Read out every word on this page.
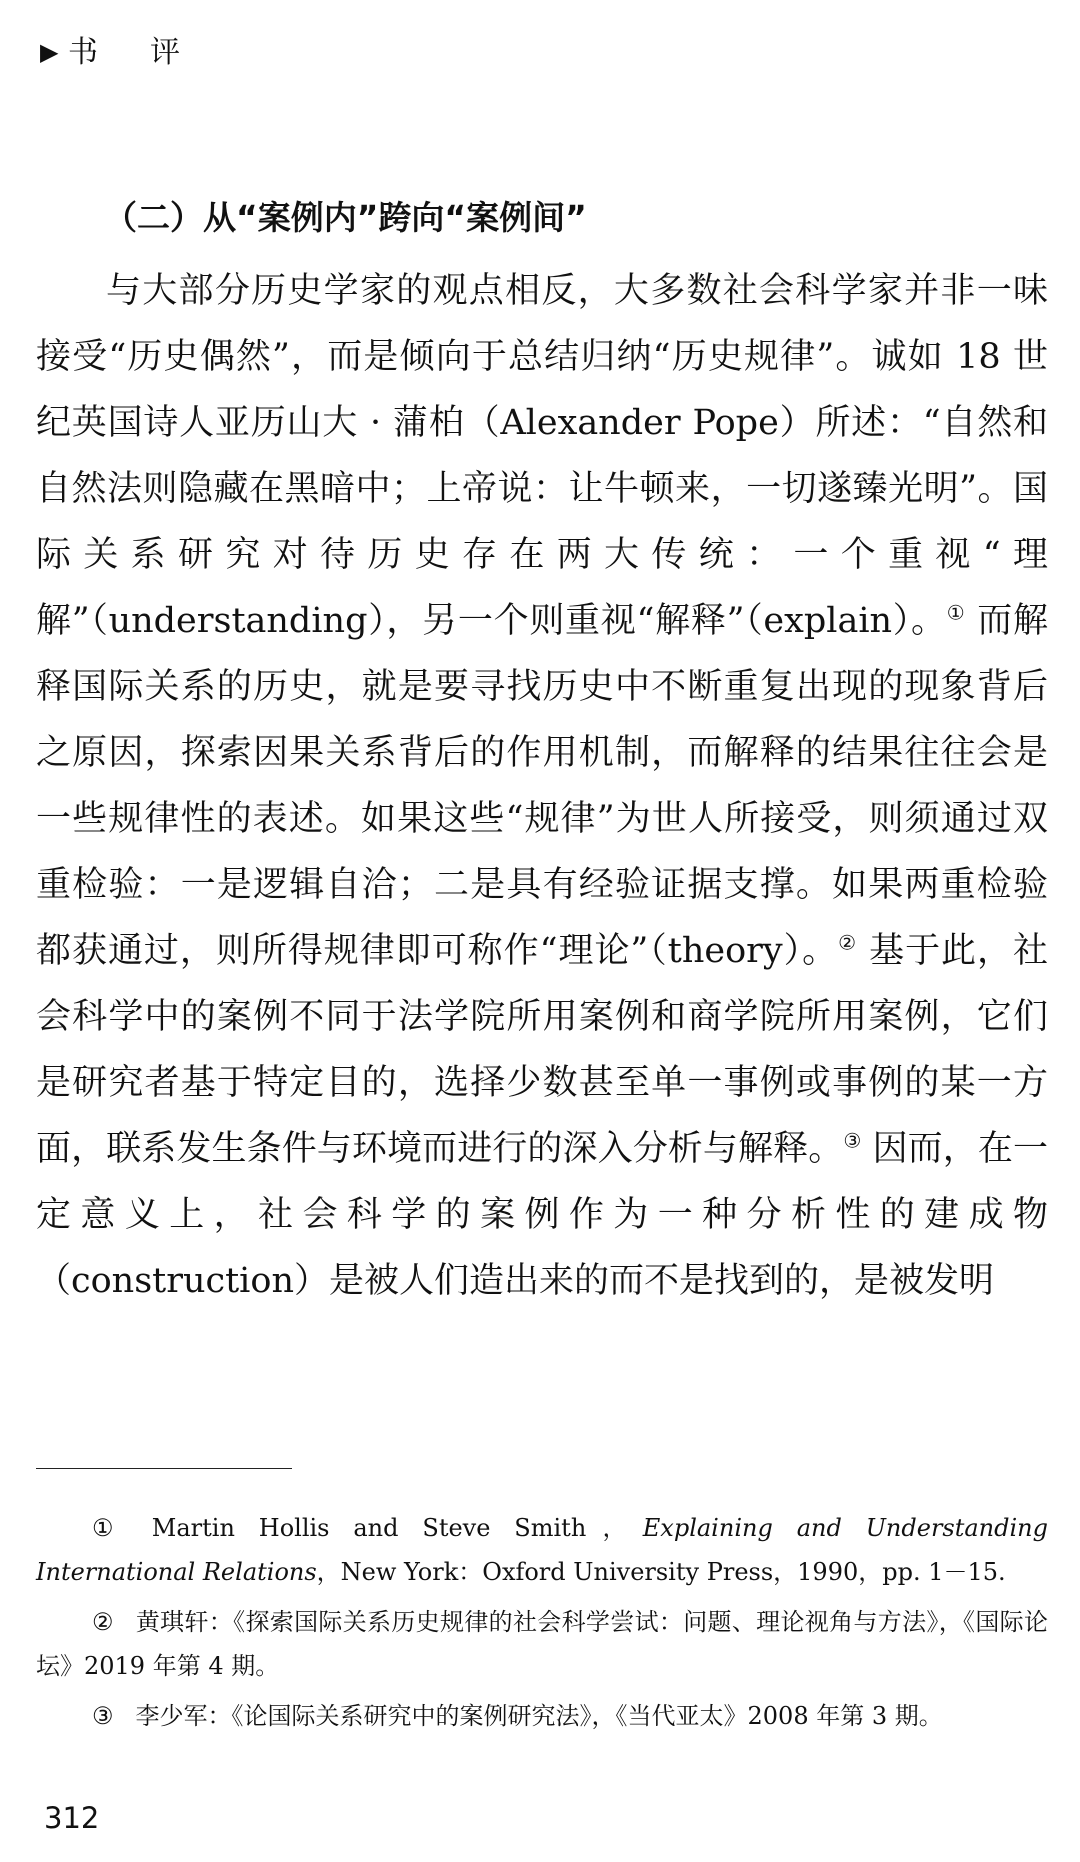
▶ 书评
（二）从“案例内”跨向“案例间”

与大部分历史学家的观点相反，大多数社会科学家并非一味接受“历史偶然”，而是倾向于总结归纳“历史规律”。诚如 18 世纪英国诗人亚历山大 · 蒲柏（Alexander Pope）所述：“自然和自然法则隐藏在黑暗中；上帝说：让牛顿来，一切遂臻光明”。国际关系研究对待历史存在两大传统：一个重视“理解”（understanding），另一个则重视“解释”（explain）。① 而解释国际关系的历史，就是要寻找历史中不断重复出现的现象背后之原因，探索因果关系背后的作用机制，而解释的结果往往会是一些规律性的表述。如果这些“规律”为世人所接受，则须通过双重检验：一是逻辑自洽；二是具有经验证据支撑。如果两重检验都获通过，则所得规律即可称作“理论”（theory）。② 基于此，社会科学中的案例不同于法学院所用案例和商学院所用案例，它们是研究者基于特定目的，选择少数甚至单一事例或事例的某一方面，联系发生条件与环境而进行的深入分析与解释。③ 因而，在一定意义上，社会科学的案例作为一种分析性的建成物（construction）是被人们造出来的而不是找到的，是被发明

① Martin Hollis and Steve Smith，Explaining and Understanding International Relations，New York：Oxford University Press，1990，pp. 1－15.

② 黄琪轩：《探索国际关系历史规律的社会科学尝试：问题、理论视角与方法》，《国际论坛》2019 年第 4 期。

③ 李少军：《论国际关系研究中的案例研究法》，《当代亚太》2008 年第 3 期。

312
